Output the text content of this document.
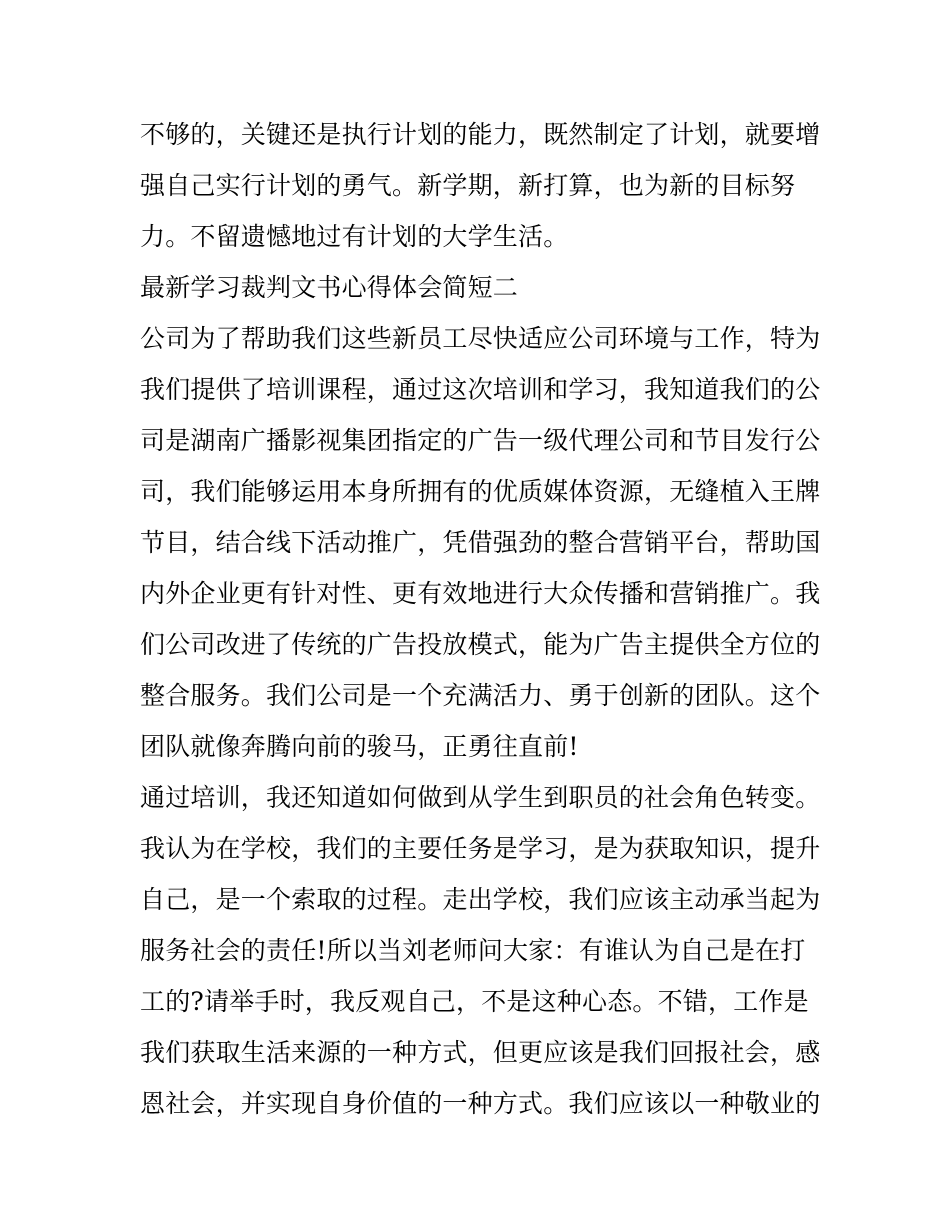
不够的，关键还是执行计划的能力，既然制定了计划，就要增
强自己实行计划的勇气。新学期，新打算，也为新的目标努
力。不留遗憾地过有计划的大学生活。
最新学习裁判文书心得体会简短二
公司为了帮助我们这些新员工尽快适应公司环境与工作，特为
我们提供了培训课程，通过这次培训和学习，我知道我们的公
司是湖南广播影视集团指定的广告一级代理公司和节目发行公
司，我们能够运用本身所拥有的优质媒体资源，无缝植入王牌
节目，结合线下活动推广，凭借强劲的整合营销平台，帮助国
内外企业更有针对性、更有效地进行大众传播和营销推广。我
们公司改进了传统的广告投放模式，能为广告主提供全方位的
整合服务。我们公司是一个充满活力、勇于创新的团队。这个
团队就像奔腾向前的骏马，正勇往直前!
通过培训，我还知道如何做到从学生到职员的社会角色转变。
我认为在学校，我们的主要任务是学习，是为获取知识，提升
自己，是一个索取的过程。走出学校，我们应该主动承当起为
服务社会的责任!所以当刘老师问大家：有谁认为自己是在打
工的?请举手时，我反观自己，不是这种心态。不错，工作是
我们获取生活来源的一种方式，但更应该是我们回报社会，感
恩社会，并实现自身价值的一种方式。我们应该以一种敬业的
